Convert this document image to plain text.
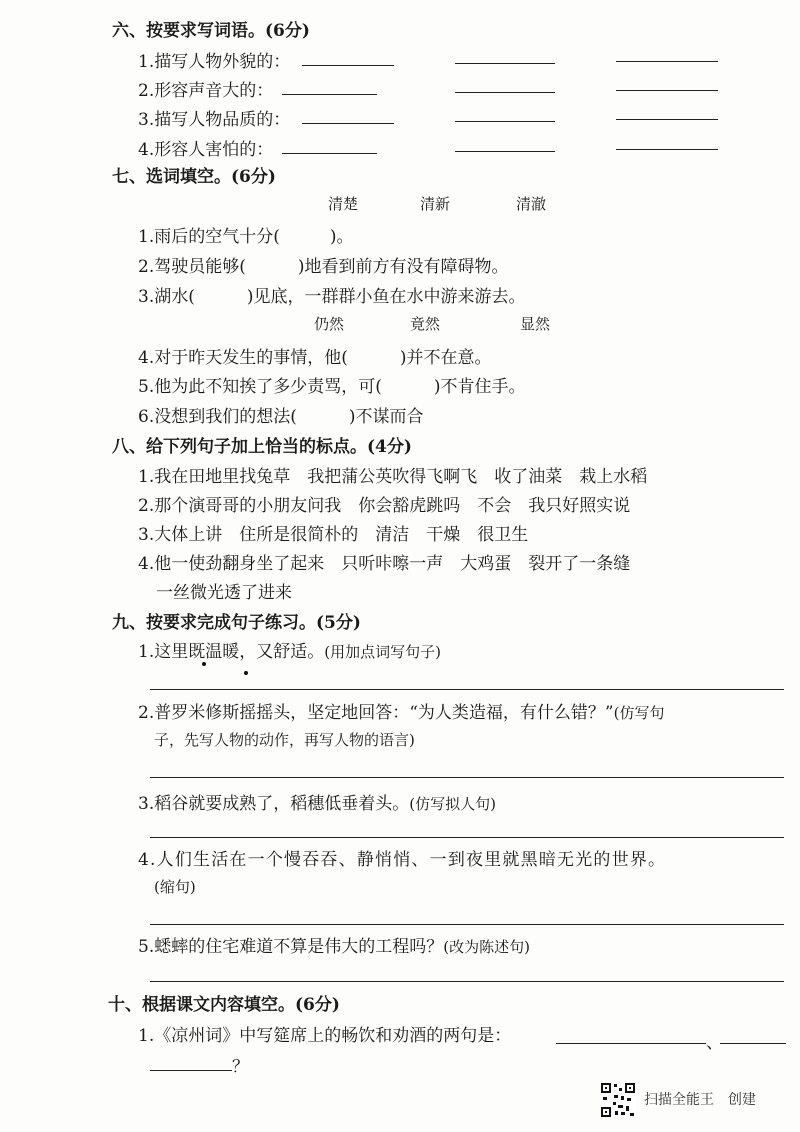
六、按要求写词语。(6分)
1.描写人物外貌的：
2.形容声音大的：
3.描写人物品质的：
4.形容人害怕的：
七、选词填空。(6分)
清楚	清新	清澈
1.雨后的空气十分(	)。
2.驾驶员能够(	)地看到前方有没有障碍物。
3.湖水(	)见底，一群群小鱼在水中游来游去。
仍然	竟然	显然
4.对于昨天发生的事情，他(	)并不在意。
5.他为此不知挨了多少责骂，可(	)不肯住手。
6.没想到我们的想法(	)不谋而合
八、给下列句子加上恰当的标点。(4分)
1.我在田地里找兔草　我把蒲公英吹得飞啊飞　收了油菜　栽上水稻
2.那个演哥哥的小朋友问我　你会豁虎跳吗　不会　我只好照实说
3.大体上讲　住所是很简朴的　清洁　干燥　很卫生
4.他一使劲翻身坐了起来　只听咔嚓一声　大鸡蛋　裂开了一条缝
一丝微光透了进来
九、按要求完成句子练习。(5分)
1.这里既温暖，又舒适。(用加点词写句子)
2.普罗米修斯摇摇头，坚定地回答：“为人类造福，有什么错？”(仿写句
子，先写人物的动作，再写人物的语言)
3.稻谷就要成熟了，稻穗低垂着头。(仿写拟人句)
4.人们生活在一个慢吞吞、静悄悄、一到夜里就黑暗无光的世界。
(缩句)
5.蟋蟀的住宅难道不算是伟大的工程吗？(改为陈述句)
十、根据课文内容填空。(6分)
1.《凉州词》中写筵席上的畅饮和劝酒的两句是：	、
？
扫描全能王　创建
